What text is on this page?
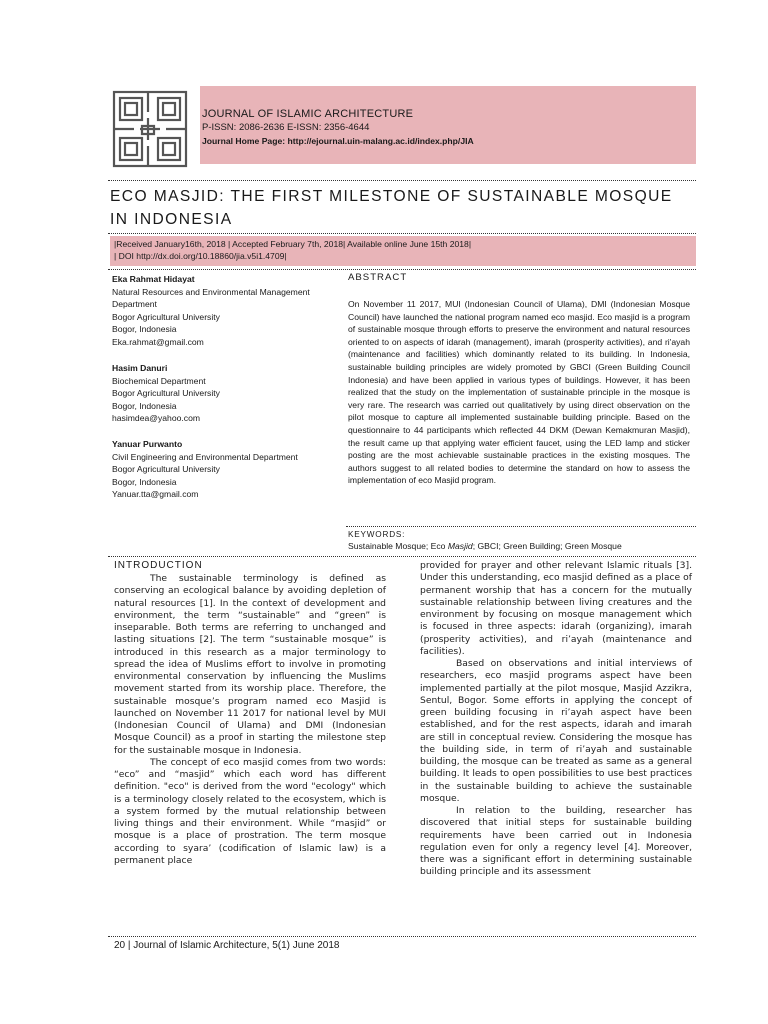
JOURNAL OF ISLAMIC ARCHITECTURE
P-ISSN: 2086-2636 E-ISSN: 2356-4644
Journal Home Page: http://ejournal.uin-malang.ac.id/index.php/JIA
ECO MASJID: THE FIRST MILESTONE OF SUSTAINABLE MOSQUE
IN INDONESIA
|Received January16th, 2018 | Accepted February 7th, 2018| Available online June 15th 2018|
| DOI http://dx.doi.org/10.18860/jia.v5i1.4709|
Eka Rahmat Hidayat
Natural Resources and Environmental Management
Department
Bogor Agricultural University
Bogor, Indonesia
Eka.rahmat@gmail.com
Hasim Danuri
Biochemical Department
Bogor Agricultural University
Bogor, Indonesia
hasimdea@yahoo.com
Yanuar Purwanto
Civil Engineering and Environmental Department
Bogor Agricultural University
Bogor, Indonesia
Yanuar.tta@gmail.com
ABSTRACT
On November 11 2017, MUI (Indonesian Council of Ulama), DMI (Indonesian Mosque Council) have launched the national program named eco masjid. Eco masjid is a program of sustainable mosque through efforts to preserve the environment and natural resources oriented to on aspects of idarah (management), imarah (prosperity activities), and ri'ayah (maintenance and facilities) which dominantly related to its building. In Indonesia, sustainable building principles are widely promoted by GBCI (Green Building Council Indonesia) and have been applied in various types of buildings. However, it has been realized that the study on the implementation of sustainable principle in the mosque is very rare. The research was carried out qualitatively by using direct observation on the pilot mosque to capture all implemented sustainable building principle. Based on the questionnaire to 44 participants which reflected 44 DKM (Dewan Kemakmuran Masjid), the result came up that applying water efficient faucet, using the LED lamp and sticker posting are the most achievable sustainable practices in the existing mosques. The authors suggest to all related bodies to determine the standard on how to assess the implementation of eco Masjid program.
KEYWORDS:
Sustainable Mosque; Eco Masjid; GBCI; Green Building; Green Mosque
INTRODUCTION

The sustainable terminology is defined as conserving an ecological balance by avoiding depletion of natural resources [1]. In the context of development and environment, the term “sustainable” and “green” is inseparable. Both terms are referring to unchanged and lasting situations [2]. The term “sustainable mosque” is introduced in this research as a major terminology to spread the idea of Muslims effort to involve in promoting environmental conservation by influencing the Muslims movement started from its worship place. Therefore, the sustainable mosque’s program named eco Masjid is launched on November 11 2017 for national level by MUI (Indonesian Council of Ulama) and DMI (Indonesian Mosque Council) as a proof in starting the milestone step for the sustainable mosque in Indonesia.

The concept of eco masjid comes from two words: “eco” and “masjid” which each word has different definition. "eco" is derived from the word "ecology" which is a terminology closely related to the ecosystem, which is a system formed by the mutual relationship between living things and their environment. While “masjid” or mosque is a place of prostration. The term mosque according to syara’ (codification of Islamic law) is a permanent place

provided for prayer and other relevant Islamic rituals [3]. Under this understanding, eco masjid defined as a place of permanent worship that has a concern for the mutually sustainable relationship between living creatures and the environment by focusing on mosque management which is focused in three aspects: idarah (organizing), imarah (prosperity activities), and ri’ayah (maintenance and facilities).

Based on observations and initial interviews of researchers, eco masjid programs aspect have been implemented partially at the pilot mosque, Masjid Azzikra, Sentul, Bogor. Some efforts in applying the concept of green building focusing in ri’ayah aspect have been established, and for the rest aspects, idarah and imarah are still in conceptual review. Considering the mosque has the building side, in term of ri’ayah and sustainable building, the mosque can be treated as same as a general building. It leads to open possibilities to use best practices in the sustainable building to achieve the sustainable mosque.

In relation to the building, researcher has discovered that initial steps for sustainable building requirements have been carried out in Indonesia regulation even for only a regency level [4]. Moreover, there was a significant effort in determining sustainable building principle and its assessment

20 | Journal of Islamic Architecture, 5(1) June 2018
